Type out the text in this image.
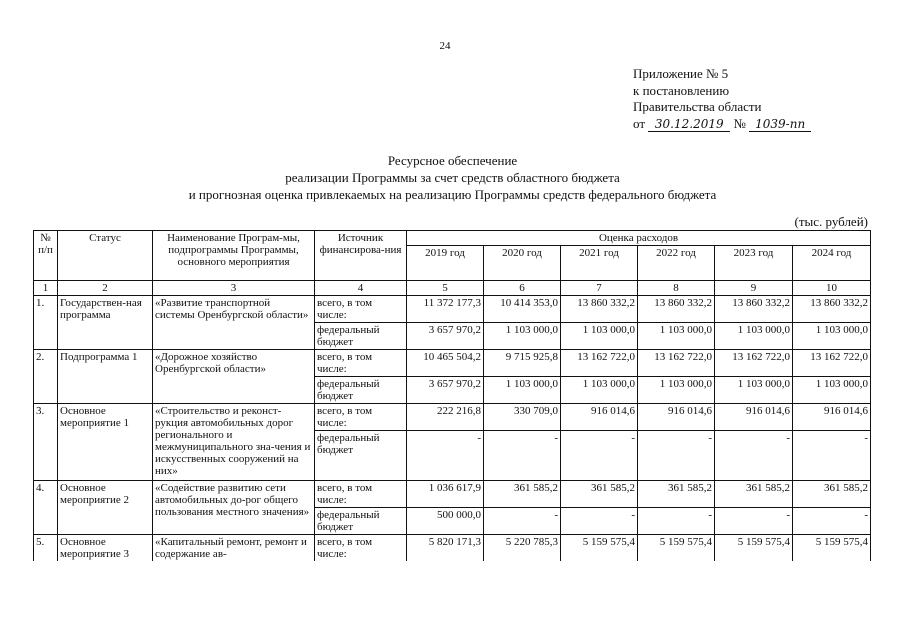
24
Приложение № 5
к постановлению
Правительства области
от 30.12.2019 № 1039-пп
Ресурсное обеспечение
реализации Программы за счет средств областного бюджета
и прогнозная оценка привлекаемых на реализацию Программы средств федерального бюджета
(тыс. рублей)
№ п/п	Статус	Наименование Програм-мы, подпрограммы Программы, основного мероприятия	Источник финансирова-ния	Оценка расходов					
				2019 год	2020 год	2021 год	2022 год	2023 год	2024 год
1	2	3	4	5	6	7	8	9	10
1.	Государствен-ная программа	«Развитие транспортной системы Оренбургской области»	всего, в том числе:	11 372 177,3	10 414 353,0	13 860 332,2	13 860 332,2	13 860 332,2	13 860 332,2
			федеральный бюджет	3 657 970,2	1 103 000,0	1 103 000,0	1 103 000,0	1 103 000,0	1 103 000,0
2.	Подпрограмма 1	«Дорожное хозяйство Оренбургской области»	всего, в том числе:	10 465 504,2	9 715 925,8	13 162 722,0	13 162 722,0	13 162 722,0	13 162 722,0
			федеральный бюджет	3 657 970,2	1 103 000,0	1 103 000,0	1 103 000,0	1 103 000,0	1 103 000,0
3.	Основное мероприятие 1	«Строительство и реконст-рукция автомобильных дорог регионального и межмуниципального зна-чения и искусственных сооружений на них»	всего, в том числе:	222 216,8	330 709,0	916 014,6	916 014,6	916 014,6	916 014,6
			федеральный бюджет	-	-	-	-	-	-
4.	Основное мероприятие 2	«Содействие развитию сети автомобильных до-рог общего пользования местного значения»	всего, в том числе:	1 036 617,9	361 585,2	361 585,2	361 585,2	361 585,2	361 585,2
			федеральный бюджет	500 000,0	-	-	-	-	-
5.	Основное мероприятие 3	«Капитальный ремонт, ремонт и содержание ав-	всего, в том числе:	5 820 171,3	5 220 785,3	5 159 575,4	5 159 575,4	5 159 575,4	5 159 575,4
